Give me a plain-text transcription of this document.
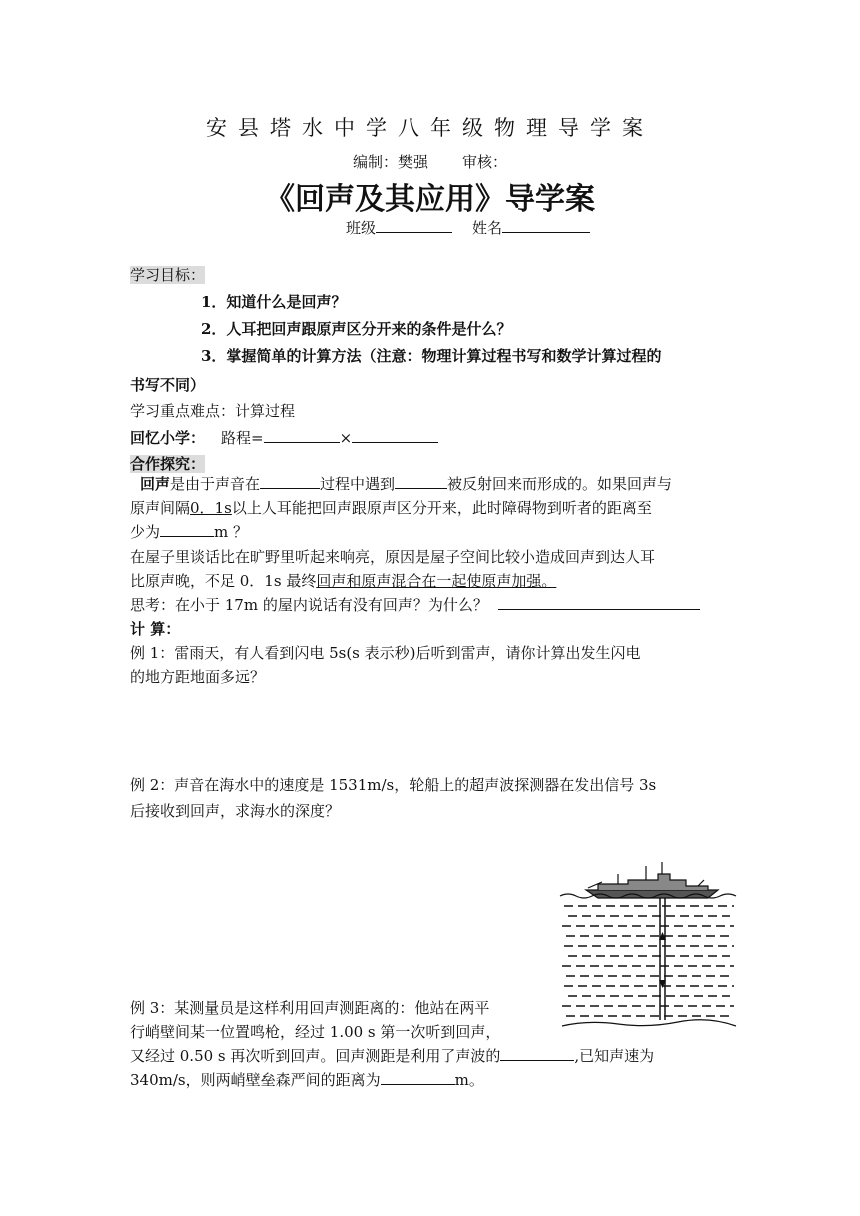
安县塔水中学八年级物理导学案
编制：樊强 审核：
《回声及其应用》导学案
班级	姓名
学习目标：
1．知道什么是回声？
2．人耳把回声跟原声区分开来的条件是什么？
3．掌握简单的计算方法（注意：物理计算过程书写和数学计算过程的
书写不同）
学习重点难点：计算过程
回忆小学： 路程=	×
合作探究：
回声是由于声音在	过程中遇到	被反射回来而形成的。如果回声与
原声间隔0．1s以上人耳能把回声跟原声区分开来，此时障碍物到听者的距离至
少为	m ？
在屋子里谈话比在旷野里听起来响亮，原因是屋子空间比较小造成回声到达人耳
比原声晚，不足 0．1s 最终回声和原声混合在一起使原声加强。
思考：在小于 17m 的屋内说话有没有回声？为什么？
计 算：
例 1：雷雨天，有人看到闪电 5s(s 表示秒)后听到雷声，请你计算出发生闪电
的地方距地面多远？
例 2：声音在海水中的速度是 1531m/s，轮船上的超声波探测器在发出信号 3s
后接收到回声，求海水的深度？
例 3：某测量员是这样利用回声测距离的：他站在两平
行峭壁间某一位置鸣枪，经过 1.00 s 第一次听到回声，
又经过 0.50 s 再次听到回声。回声测距是利用了声波的	,已知声速为
340m/s，则两峭壁垒森严间的距离为	m。
